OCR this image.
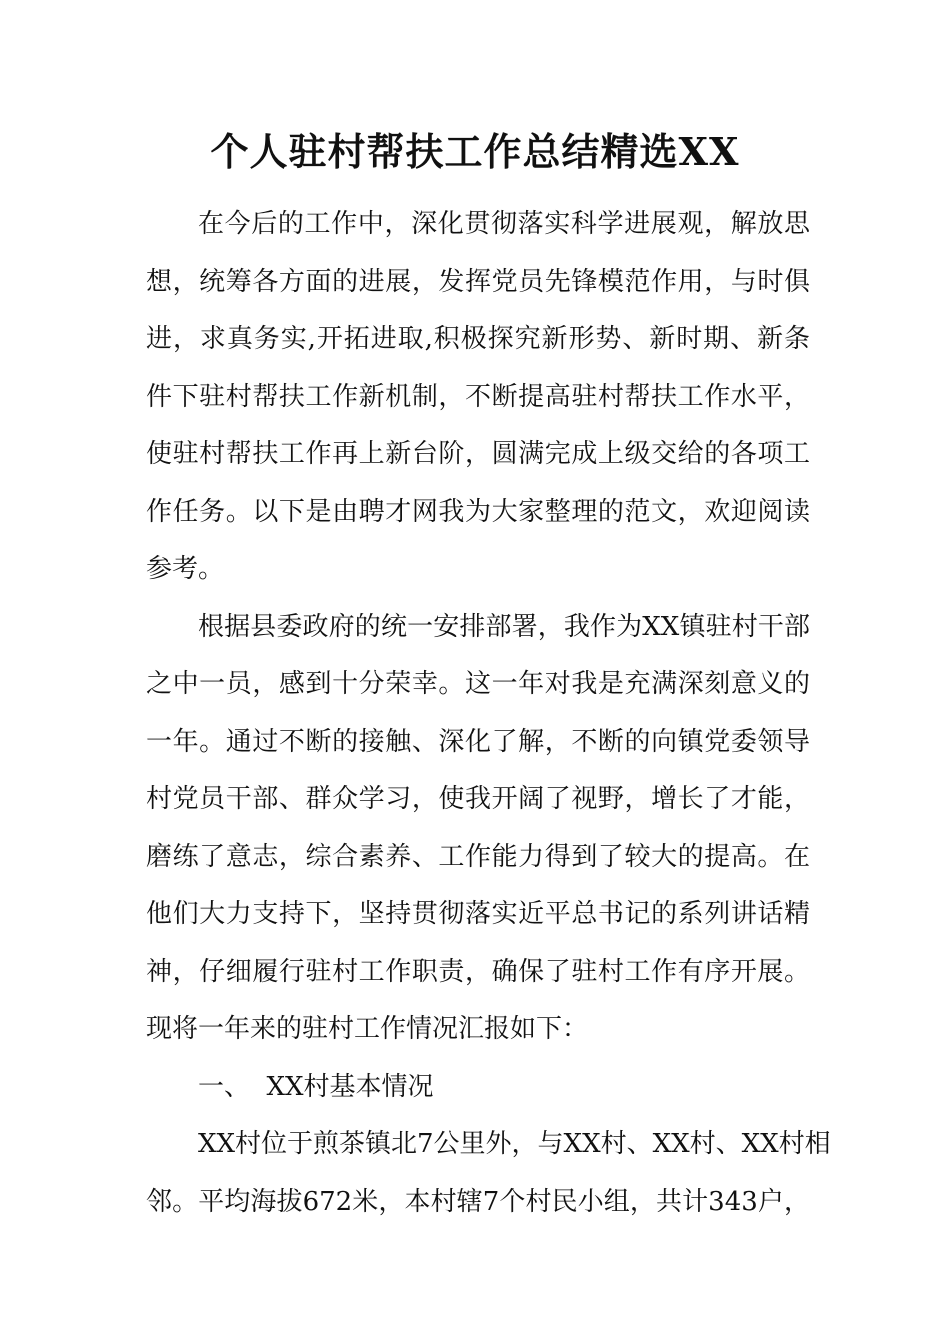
个人驻村帮扶工作总结精选XX
在今后的工作中，深化贯彻落实科学进展观，解放思
想，统筹各方面的进展，发挥党员先锋模范作用，与时俱
进，求真务实,开拓进取,积极探究新形势、新时期、新条
件下驻村帮扶工作新机制，不断提高驻村帮扶工作水平，
使驻村帮扶工作再上新台阶，圆满完成上级交给的各项工
作任务。以下是由聘才网我为大家整理的范文，欢迎阅读
参考。
根据县委政府的统一安排部署，我作为XX镇驻村干部
之中一员，感到十分荣幸。这一年对我是充满深刻意义的
一年。通过不断的接触、深化了解，不断的向镇党委领导
村党员干部、群众学习，使我开阔了视野，增长了才能，
磨练了意志，综合素养、工作能力得到了较大的提高。在
他们大力支持下，坚持贯彻落实近平总书记的系列讲话精
神，仔细履行驻村工作职责，确保了驻村工作有序开展。
现将一年来的驻村工作情况汇报如下：
一、  XX村基本情况
XX村位于煎茶镇北7公里外，与XX村、XX村、XX村相
邻。平均海拔672米，本村辖7个村民小组，共计343户，
